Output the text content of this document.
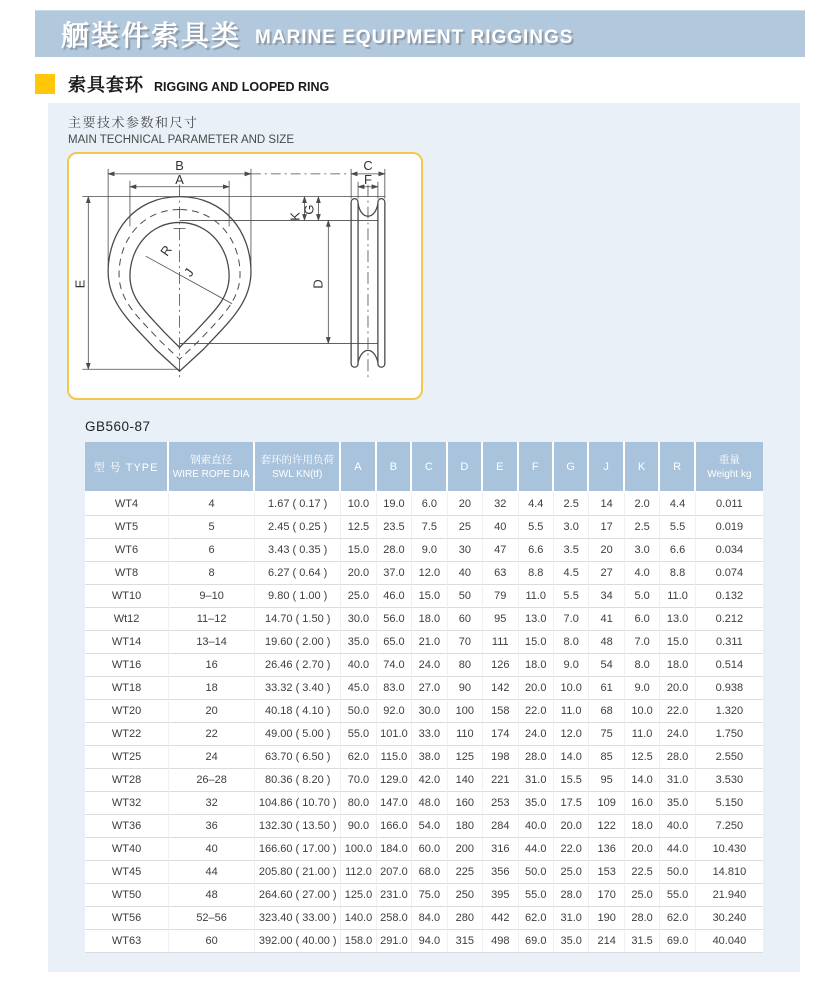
舾装件索具类 MARINE EQUIPMENT RIGGINGS
索具套环 RIGGING AND LOOPED RING
主要技术参数和尺寸
MAIN TECHNICAL PARAMETER AND SIZE
B
A
E
R
J
C
F
G
K
D
GB560-87
型 号 TYPE	
钢索直径
WIRE ROPE DIA

套环的许用负荷
SWL KN(tf)
	A	B	C	D	E	F	G	J	K	R	
重量
Weight kg

WT4	4	1.67 ( 0.17 )	10.0	19.0	6.0	20	32	4.4	2.5	14	2.0	4.4	0.011
WT5	5	2.45 ( 0.25 )	12.5	23.5	7.5	25	40	5.5	3.0	17	2.5	5.5	0.019
WT6	6	3.43 ( 0.35 )	15.0	28.0	9.0	30	47	6.6	3.5	20	3.0	6.6	0.034
WT8	8	6.27 ( 0.64 )	20.0	37.0	12.0	40	63	8.8	4.5	27	4.0	8.8	0.074
WT10	9–10	9.80 ( 1.00 )	25.0	46.0	15.0	50	79	11.0	5.5	34	5.0	11.0	0.132
Wt12	11–12	14.70 ( 1.50 )	30.0	56.0	18.0	60	95	13.0	7.0	41	6.0	13.0	0.212
WT14	13–14	19.60 ( 2.00 )	35.0	65.0	21.0	70	111	15.0	8.0	48	7.0	15.0	0.311
WT16	16	26.46 ( 2.70 )	40.0	74.0	24.0	80	126	18.0	9.0	54	8.0	18.0	0.514
WT18	18	33.32 ( 3.40 )	45.0	83.0	27.0	90	142	20.0	10.0	61	9.0	20.0	0.938
WT20	20	40.18 ( 4.10 )	50.0	92.0	30.0	100	158	22.0	11.0	68	10.0	22.0	1.320
WT22	22	49.00 ( 5.00 )	55.0	101.0	33.0	110	174	24.0	12.0	75	11.0	24.0	1.750
WT25	24	63.70 ( 6.50 )	62.0	115.0	38.0	125	198	28.0	14.0	85	12.5	28.0	2.550
WT28	26–28	80.36 ( 8.20 )	70.0	129.0	42.0	140	221	31.0	15.5	95	14.0	31.0	3.530
WT32	32	104.86 ( 10.70 )	80.0	147.0	48.0	160	253	35.0	17.5	109	16.0	35.0	5.150
WT36	36	132.30 ( 13.50 )	90.0	166.0	54.0	180	284	40.0	20.0	122	18.0	40.0	7.250
WT40	40	166.60 ( 17.00 )	100.0	184.0	60.0	200	316	44.0	22.0	136	20.0	44.0	10.430
WT45	44	205.80 ( 21.00 )	112.0	207.0	68.0	225	356	50.0	25.0	153	22.5	50.0	14.810
WT50	48	264.60 ( 27.00 )	125.0	231.0	75.0	250	395	55.0	28.0	170	25.0	55.0	21.940
WT56	52–56	323.40 ( 33.00 )	140.0	258.0	84.0	280	442	62.0	31.0	190	28.0	62.0	30.240
WT63	60	392.00 ( 40.00 )	158.0	291.0	94.0	315	498	69.0	35.0	214	31.5	69.0	40.040
